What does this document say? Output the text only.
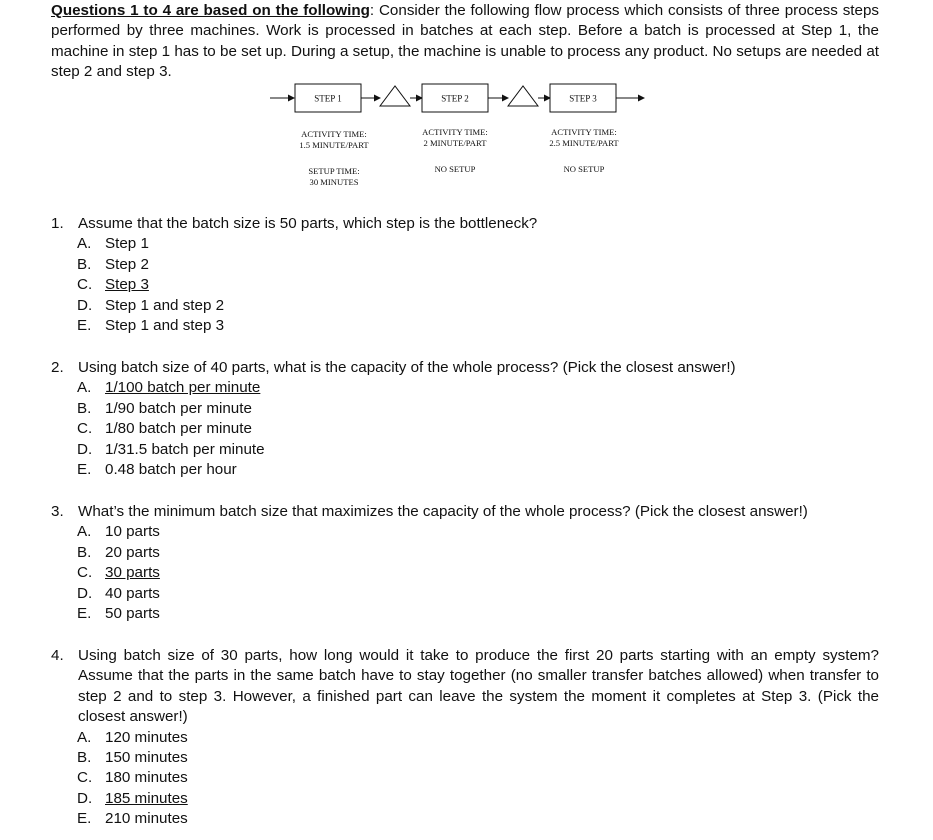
Questions 1 to 4 are based on the following: Consider the following flow process which consists of three process steps performed by three machines. Work is processed in batches at each step. Before a batch is processed at Step 1, the machine in step 1 has to be set up. During a setup, the machine is unable to process any product. No setups are needed at step 2 and step 3.
STEP 1	STEP 2	STEP 3
ACTIVITY TIME:
1.5 MINUTE/PART
ACTIVITY TIME:
2 MINUTE/PART
ACTIVITY TIME:
2.5 MINUTE/PART
SETUP TIME:
30 MINUTES
NO SETUP	NO SETUP
1. Assume that the batch size is 50 parts, which step is the bottleneck?
A. Step 1
B. Step 2
C. Step 3
D. Step 1 and step 2
E. Step 1 and step 3
2. Using batch size of 40 parts, what is the capacity of the whole process? (Pick the closest answer!)
A. 1/100 batch per minute
B. 1/90 batch per minute
C. 1/80 batch per minute
D. 1/31.5 batch per minute
E. 0.48 batch per hour
3. What’s the minimum batch size that maximizes the capacity of the whole process? (Pick the closest answer!)
A. 10 parts
B. 20 parts
C. 30 parts
D. 40 parts
E. 50 parts
4. Using batch size of 30 parts, how long would it take to produce the first 20 parts starting with an empty system? Assume that the parts in the same batch have to stay together (no smaller transfer batches allowed) when transfer to step 2 and to step 3. However, a finished part can leave the system the moment it completes at Step 3. (Pick the closest answer!)
A. 120 minutes
B. 150 minutes
C. 180 minutes
D. 185 minutes
E. 210 minutes
